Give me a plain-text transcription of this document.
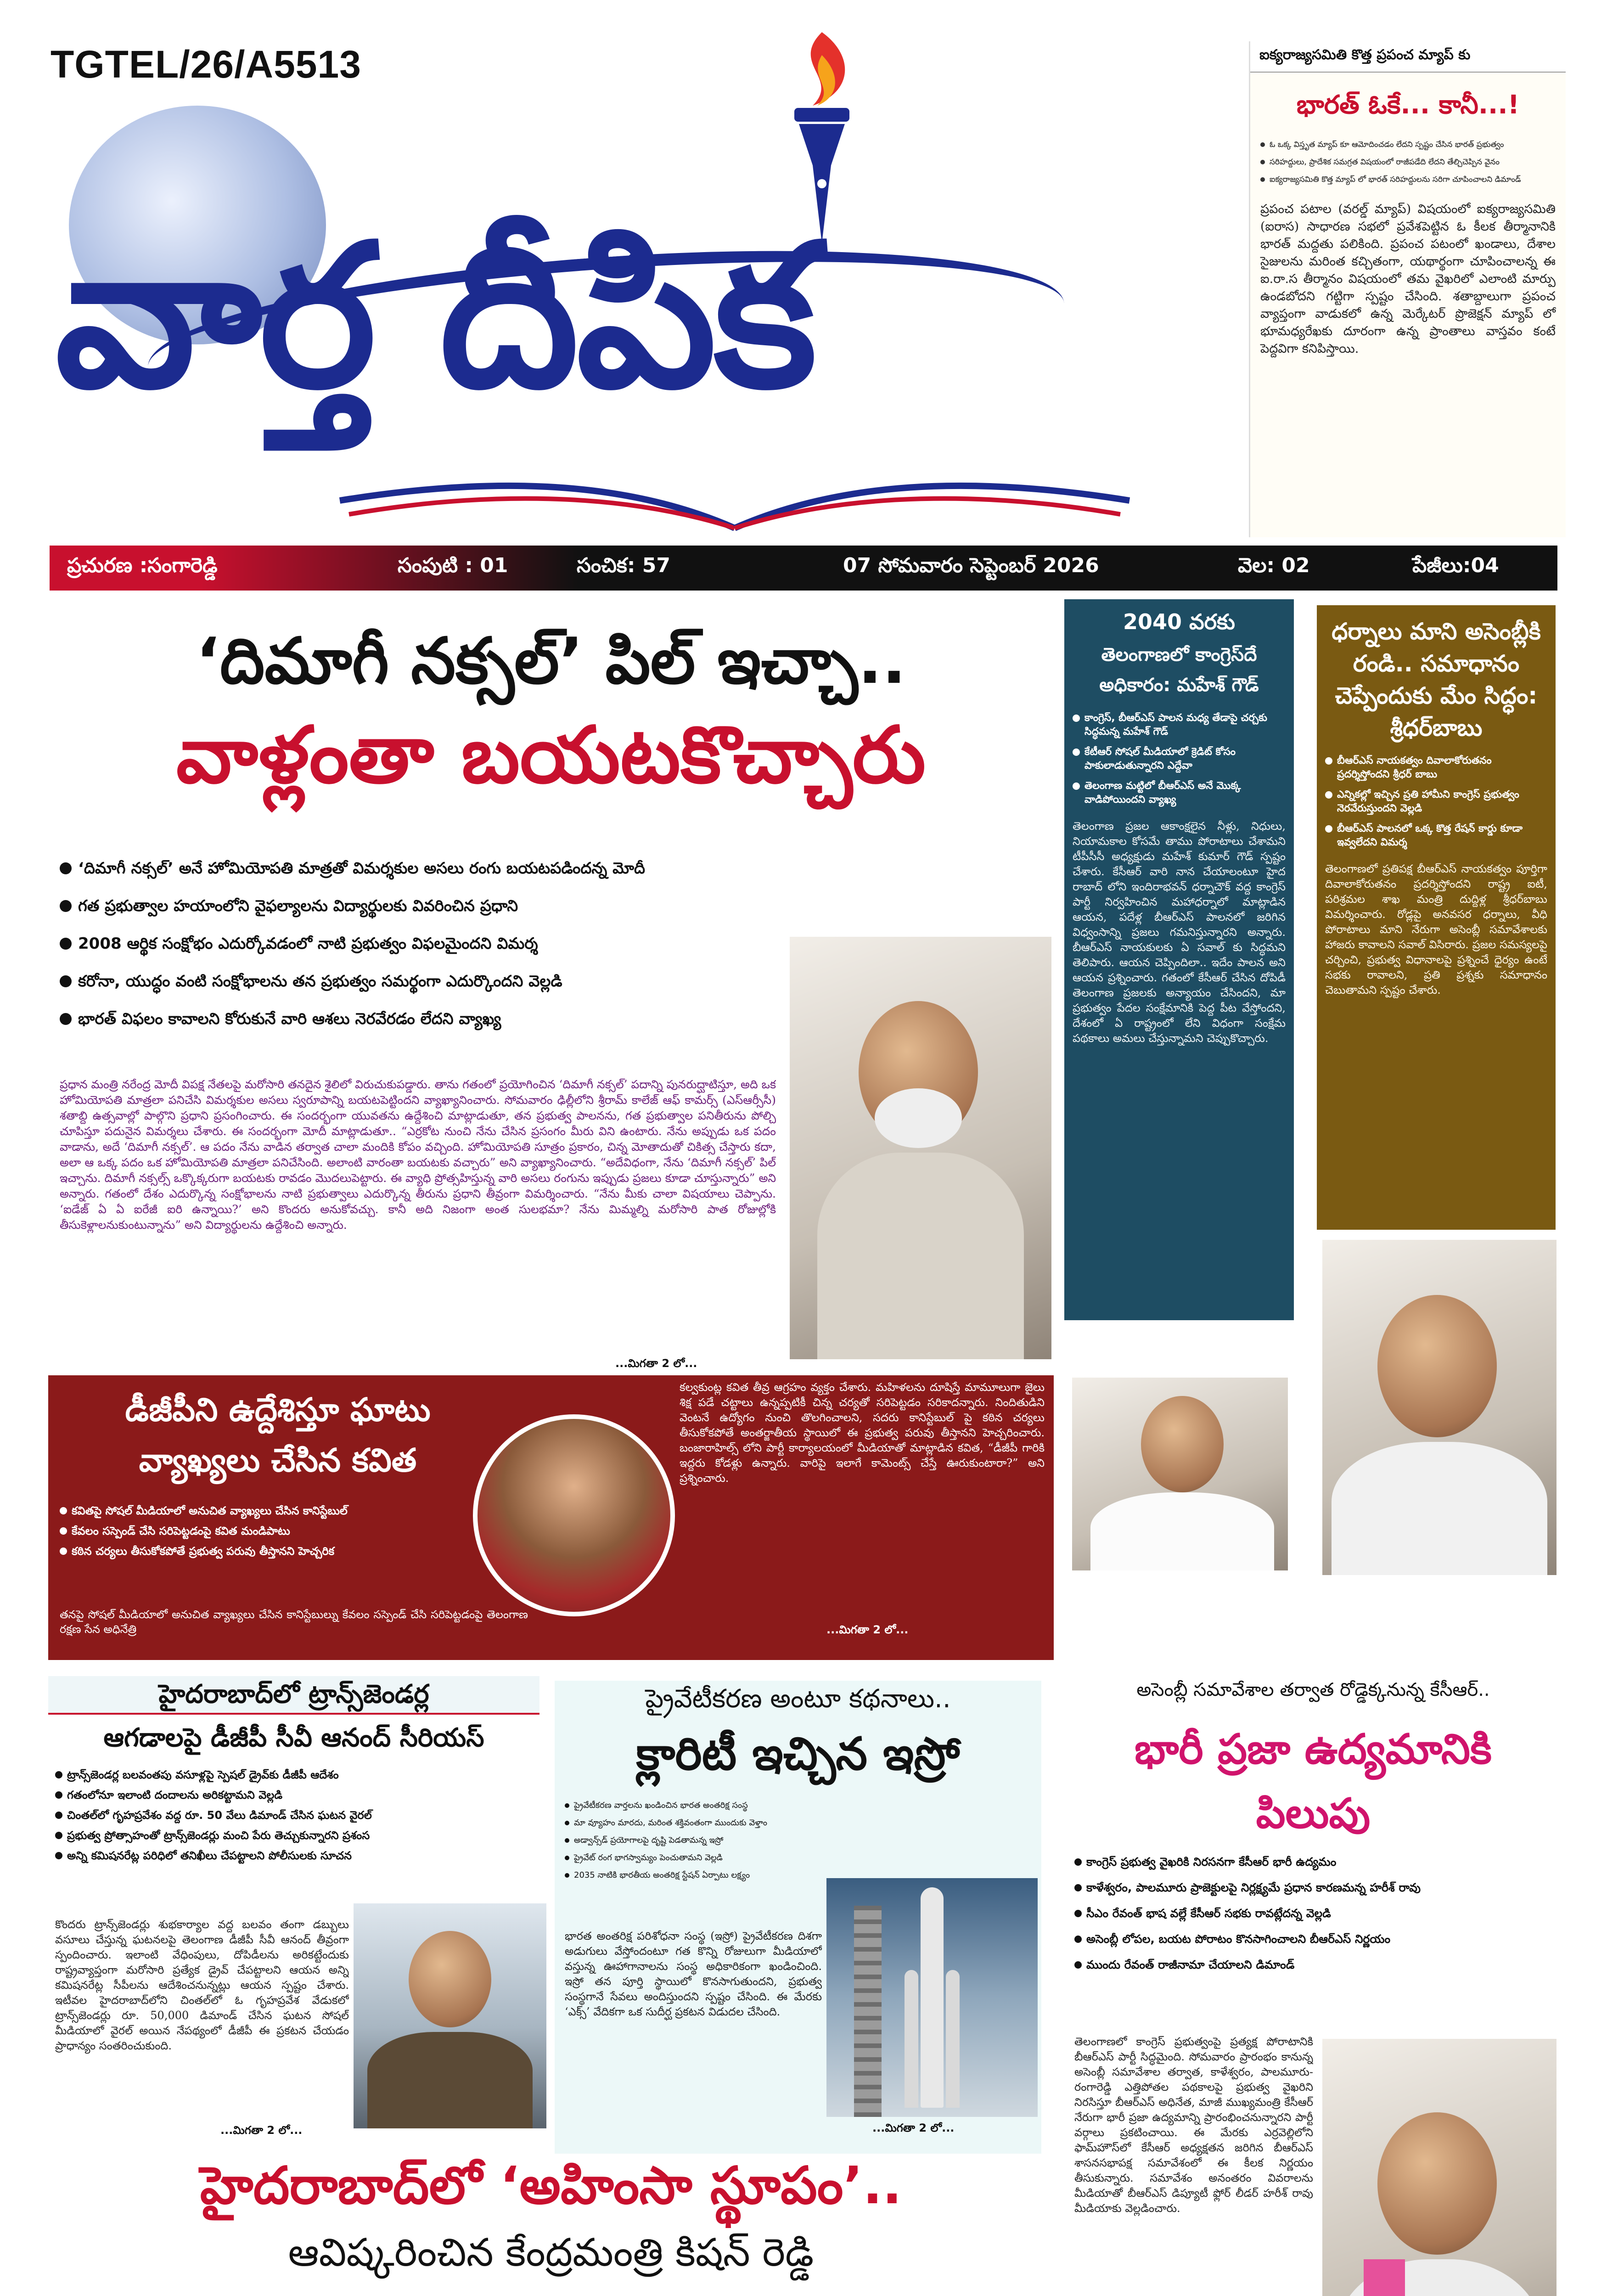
TGTEL/26/A5513
వార్త దీపిక
ఐక్యరాజ్యసమితి కొత్త ప్రపంచ మ్యాప్ కు
భారత్ ఓకే... కానీ...!
ఓ ఒక్క విస్తృత మ్యాప్ కూ ఆమోదించడం లేదని స్పష్టం చేసిన భారత్ ప్రభుత్వం
సరిహద్దులు, ప్రాదేశిక సమగ్రత విషయంలో రాజీపడేది లేదని తేల్చిచెప్పిన వైనం
ఐక్యరాజ్యసమితి కొత్త మ్యాప్ లో భారత్ సరిహద్దులను సరిగా చూపించాలని డిమాండ్
ప్రపంచ పటాల (వరల్డ్ మ్యాప్) విషయంలో ఐక్యరాజ్యసమితి (ఐరాస) సాధారణ సభలో ప్రవేశపెట్టిన ఓ కీలక తీర్మానానికి భారత్ మద్దతు పలికింది. ప్రపంచ పటంలో ఖండాలు, దేశాల సైజులను మరింత కచ్చితంగా, యథార్థంగా చూపించాలన్న ఈ ఐ.రా.స తీర్మానం విషయంలో తమ వైఖరిలో ఎలాంటి మార్పు ఉండబోదని గట్టిగా స్పష్టం చేసింది. శతాబ్దాలుగా ప్రపంచ వ్యాప్తంగా వాడుకలో ఉన్న మెర్కేటర్ ప్రొజెక్షన్ మ్యాప్ లో భూమధ్యరేఖకు దూరంగా ఉన్న ప్రాంతాలు వాస్తవం కంటే పెద్దవిగా కనిపిస్తాయి.
ప్రచురణ :సంగారెడ్డి	సంపుటి : 01	సంచిక: 57	07 సోమవారం సెప్టెంబర్ 2026	వెల: 02	పేజీలు:04
‘దిమాగీ నక్సల్’ పిల్ ఇచ్చా..
వాళ్లంతా బయటకొచ్చారు
‘దిమాగీ నక్సల్’ అనే హోమియోపతి మాత్రతో విమర్శకుల అసలు రంగు బయటపడిందన్న మోదీ
గత ప్రభుత్వాల హయాంలోని వైఫల్యాలను విద్యార్థులకు వివరించిన ప్రధాని
2008 ఆర్థిక సంక్షోభం ఎదుర్కోవడంలో నాటి ప్రభుత్వం విఫలమైందని విమర్శ
కరోనా, యుద్ధం వంటి సంక్షోభాలను తన ప్రభుత్వం సమర్థంగా ఎదుర్కొందని వెల్లడి
భారత్ విఫలం కావాలని కోరుకునే వారి ఆశలు నెరవేరడం లేదని వ్యాఖ్య
ప్రధాన మంత్రి నరేంద్ర మోదీ విపక్ష నేతలపై మరోసారి తనదైన శైలిలో విరుచుకుపడ్డారు. తాను గతంలో ప్రయోగించిన ‘దిమాగీ నక్సల్’ పదాన్ని పునరుద్ఘాటిస్తూ, అది ఒక హోమియోపతి మాత్రలా పనిచేసి విమర్శకుల అసలు స్వరూపాన్ని బయటపెట్టిందని వ్యాఖ్యానించారు. సోమవారం ఢిల్లీలోని శ్రీరామ్ కాలేజ్ ఆఫ్ కామర్స్ (ఎస్ఆర్సీసీ) శతాబ్ది ఉత్సవాల్లో పాల్గొని ప్రధాని ప్రసంగించారు. ఈ సందర్భంగా యువతను ఉద్దేశించి మాట్లాడుతూ, తన ప్రభుత్వ పాలనను, గత ప్రభుత్వాల పనితీరును పోల్చి చూపిస్తూ పదునైన విమర్శలు చేశారు. ఈ సందర్భంగా మోదీ మాట్లాడుతూ.. “ఎర్రకోట నుంచి నేను చేసిన ప్రసంగం మీరు విని ఉంటారు. నేను అప్పుడు ఒక పదం వాడాను, అదే ‘దిమాగీ నక్సల్’. ఆ పదం నేను వాడిన తర్వాత చాలా మందికి కోపం వచ్చింది. హోమియోపతి సూత్రం ప్రకారం, చిన్న మోతాదుతో చికిత్స చేస్తారు కదా, అలా ఆ ఒక్క పదం ఒక హోమియోపతి మాత్రలా పనిచేసింది. అలాంటి వారంతా బయటకు వచ్చారు” అని వ్యాఖ్యానించారు. “అదేవిధంగా, నేను ‘దిమాగీ నక్సల్’ పిల్ ఇచ్చాను. దిమాగీ నక్సల్స్ ఒక్కొక్కరుగా బయటకు రావడం మొదలుపెట్టారు. ఈ వ్యాధి ప్రోత్సహిస్తున్న వారి అసలు రంగును ఇప్పుడు ప్రజలు కూడా చూస్తున్నారు” అని అన్నారు. గతంలో దేశం ఎదుర్కొన్న సంక్షోభాలను నాటి ప్రభుత్వాలు ఎదుర్కొన్న తీరును ప్రధాని తీవ్రంగా విమర్శించారు. “నేను మీకు చాలా విషయాలు చెప్పాను. ‘ఐడేజ్ ఏ ఏ ఐరేజీ ఐరి ఉన్నాయి?’ అని కొందరు అనుకోవచ్చు. కానీ అది నిజంగా అంత సులభమా? నేను మిమ్మల్ని మరోసారి పాత రోజుల్లోకి తీసుకెళ్లాలనుకుంటున్నాను” అని విద్యార్థులను ఉద్దేశించి అన్నారు.
...మిగతా 2 లో...
2040 వరకు
తెలంగాణలో కాంగ్రెస్‌దే
అధికారం: మహేశ్ గౌడ్
కాంగ్రెస్, బీఆర్ఎస్ పాలన మధ్య తేడాపై చర్చకు సిద్ధమన్న మహేశ్ గౌడ్
కేటీఆర్ సోషల్ మీడియాలో క్రెడిట్ కోసం పాకులాడుతున్నారని ఎద్దేవా
తెలంగాణ మట్టిలో బీఆర్ఎస్ అనే మొక్క వాడిపోయిందని వ్యాఖ్య
తెలంగాణ ప్రజల ఆకాంక్షలైన నీళ్లు, నిధులు, నియామకాల కోసమే తాము పోరాటాలు చేశామని టీపీసీసీ అధ్యక్షుడు మహేశ్ కుమార్ గౌడ్ స్పష్టం చేశారు. కేసీఆర్ వారి నాన చేయాలంటూ హైద రాబాద్ లోని ఇందిరాభవన్ ధర్నాచౌక్ వద్ద కాంగ్రెస్ పార్టీ నిర్వహించిన మహాధర్నాలో మాట్లాడిన ఆయన, పదేళ్ల బీఆర్ఎస్ పాలనలో జరిగిన విధ్వంసాన్ని ప్రజలు గమనిస్తున్నారని అన్నారు. బీఆర్ఎస్ నాయకులకు ఏ సవాల్ కు సిద్ధమని తెలిపారు. ఆయన చెప్పిందిలా.. ఇదేం పాలన అని ఆయన ప్రశ్నించారు. గతంలో కేసీఆర్ చేసిన దోపిడీ తెలంగాణ ప్రజలకు అన్యాయం చేసిందని, మా ప్రభుత్వం పేదల సంక్షేమానికి పెద్ద పీట వేస్తోందని, దేశంలో ఏ రాష్ట్రంలో లేని విధంగా సంక్షేమ పథకాలు అమలు చేస్తున్నామని చెప్పుకొచ్చారు.
ధర్నాలు మాని అసెంబ్లీకి రండి.. సమాధానం చెప్పేందుకు మేం సిద్ధం: శ్రీధర్‌బాబు
బీఆర్ఎస్ నాయకత్వం దివాలాకోరుతనం ప్రదర్శిస్తోందని శ్రీధర్ బాబు
ఎన్నికల్లో ఇచ్చిన ప్రతి హామీని కాంగ్రెస్ ప్రభుత్వం నెరవేరుస్తుందని వెల్లడి
బీఆర్ఎస్ పాలనలో ఒక్క కొత్త రేషన్ కార్డు కూడా ఇవ్వలేదని విమర్శ
తెలంగాణలో ప్రతిపక్ష బీఆర్ఎస్ నాయకత్వం పూర్తిగా దివాలాకోరుతనం ప్రదర్శిస్తోందని రాష్ట్ర ఐటీ, పరిశ్రమల శాఖ మంత్రి దుద్దిళ్ల శ్రీధర్‌బాబు విమర్శించారు. రోడ్లపై అనవసర ధర్నాలు, వీధి పోరాటాలు మాని నేరుగా అసెంబ్లీ సమావేశాలకు హాజరు కావాలని సవాల్ విసిరారు. ప్రజల సమస్యలపై చర్చించి, ప్రభుత్వ విధానాలపై ప్రశ్నించే ధైర్యం ఉంటే సభకు రావాలని, ప్రతి ప్రశ్నకు సమాధానం చెబుతామని స్పష్టం చేశారు.
డీజీపీని ఉద్దేశిస్తూ ఘాటు వ్యాఖ్యలు చేసిన కవిత
కవితపై సోషల్ మీడియాలో అనుచిత వ్యాఖ్యలు చేసిన కానిస్టేబుల్
కేవలం సస్పెండ్ చేసి సరిపెట్టడంపై కవిత మండిపాటు
కఠిన చర్యలు తీసుకోకపోతే ప్రభుత్వ పరువు తీస్తానని హెచ్చరిక
తనపై సోషల్ మీడియాలో అనుచిత వ్యాఖ్యలు చేసిన కానిస్టేబుల్ను కేవలం సస్పెండ్ చేసి సరిపెట్టడంపై తెలంగాణ రక్షణ సేన అధినేత్రి
కల్వకుంట్ల కవిత తీవ్ర ఆగ్రహం వ్యక్తం చేశారు. మహిళలను దూషిస్తే మామూలుగా జైలు శిక్ష పడే చట్టాలు ఉన్నప్పటికీ చిన్న చర్యతో సరిపెట్టడం సరికాదన్నారు. నిందితుడిని వెంటనే ఉద్యోగం నుంచి తొలగించాలని, సదరు కానిస్టేబుల్ పై కఠిన చర్యలు తీసుకోకపోతే అంతర్జాతీయ స్థాయిలో ఈ ప్రభుత్వ పరువు తీస్తానని హెచ్చరించారు. బంజారాహిల్స్ లోని పార్టీ కార్యాలయంలో మీడియాతో మాట్లాడిన కవిత, “డీజీపీ గారికి ఇద్దరు కోడళ్లు ఉన్నారు. వారిపై ఇలాగే కామెంట్స్ చేస్తే ఊరుకుంటారా?” అని ప్రశ్నించారు.
...మిగతా 2 లో...
హైదరాబాద్‌లో ట్రాన్స్‌జెండర్ల
ఆగడాలపై డీజీపీ సీవీ ఆనంద్ సీరియస్
ట్రాన్స్‌జెండర్ల బలవంతపు వసూళ్లపై స్పెషల్ డ్రైవ్‌కు డీజీపీ ఆదేశం
గతంలోనూ ఇలాంటి దందాలను అరికట్టామని వెల్లడి
చింతల్‌లో గృహప్రవేశం వద్ద రూ. 50 వేలు డిమాండ్ చేసిన ఘటన వైరల్
ప్రభుత్వ ప్రోత్సాహంతో ట్రాన్స్‌జెండర్లు మంచి పేరు తెచ్చుకున్నారని ప్రశంస
అన్ని కమిషనరేట్ల పరిధిలో తనిఖీలు చేపట్టాలని పోలీసులకు సూచన
కొందరు ట్రాన్స్‌జెండర్లు శుభకార్యాల వద్ద బలవం తంగా డబ్బులు వసూలు చేస్తున్న ఘటనలపై తెలంగాణ డీజీపీ సీవీ ఆనంద్ తీవ్రంగా స్పందించారు. ఇలాంటి వేధింపులు, దోపిడీలను అరికట్టేందుకు రాష్ట్రవ్యాప్తంగా మరోసారి ప్రత్యేక డ్రైవ్ చేపట్టాలని ఆయన అన్ని కమిషనరేట్ల సీపీలను ఆదేశించనున్నట్లు ఆయన స్పష్టం చేశారు. ఇటీవల హైదరాబాద్‌లోని చింతల్‌లో ఓ గృహప్రవేశ వేడుకలో ట్రాన్స్‌జెండర్లు రూ. 50,000 డిమాండ్ చేసిన ఘటన సోషల్ మీడియాలో వైరల్ అయిన నేపథ్యంలో డీజీపీ ఈ ప్రకటన చేయడం ప్రాధాన్యం సంతరించుకుంది.
...మిగతా 2 లో...
ప్రైవేటీకరణ అంటూ కథనాలు..
క్లారిటీ ఇచ్చిన ఇస్రో
ప్రైవేటీకరణ వార్తలను ఖండించిన భారత అంతరిక్ష సంస్థ
మా వ్యూహం మారదు, మరింత శక్తివంతంగా ముందుకు వెళ్తాం
అడ్వాన్స్‌డ్ ప్రయోగాలపై దృష్టి పెడతామన్న ఇస్రో
ప్రైవేట్ రంగ భాగస్వామ్యం పెంచుతామని వెల్లడి
2035 నాటికి భారతీయ అంతరిక్ష స్టేషన్ ఏర్పాటు లక్ష్యం
భారత అంతరిక్ష పరిశోధనా సంస్థ (ఇస్రో) ప్రైవేటీకరణ దిశగా అడుగులు వేస్తోందంటూ గత కొన్ని రోజులుగా మీడియాలో వస్తున్న ఊహాగానాలను సంస్థ అధికారికంగా ఖండించింది. ఇస్రో తన పూర్తి స్థాయిలో కొనసాగుతుందని, ప్రభుత్వ సంస్థగానే సేవలు అందిస్తుందని స్పష్టం చేసింది. ఈ మేరకు ‘ఎక్స్’ వేదికగా ఒక సుదీర్ఘ ప్రకటన విడుదల చేసింది.
...మిగతా 2 లో...
అసెంబ్లీ సమావేశాల తర్వాత రోడ్డెక్కనున్న కేసీఆర్..
భారీ ప్రజా ఉద్యమానికి
పిలుపు
కాంగ్రెస్ ప్రభుత్వ వైఖరికి నిరసనగా కేసీఆర్ భారీ ఉద్యమం
కాళేశ్వరం, పాలమూరు ప్రాజెక్టులపై నిర్లక్ష్యమే ప్రధాన కారణమన్న హరీశ్ రావు
సీఎం రేవంత్ భాష వల్లే కేసీఆర్ సభకు రావట్లేదన్న వెల్లడి
అసెంబ్లీ లోపల, బయట పోరాటం కొనసాగించాలని బీఆర్ఎస్ నిర్ణయం
ముందు రేవంత్ రాజీనామా చేయాలని డిమాండ్
తెలంగాణలో కాంగ్రెస్ ప్రభుత్వంపై ప్రత్యక్ష పోరాటానికి బీఆర్ఎస్ పార్టీ సిద్ధమైంది. సోమవారం ప్రారంభం కానున్న అసెంబ్లీ సమావేశాల తర్వాత, కాళేశ్వరం, పాలమూరు-రంగారెడ్డి ఎత్తిపోతల పథకాలపై ప్రభుత్వ వైఖరిని నిరసిస్తూ బీఆర్ఎస్ అధినేత, మాజీ ముఖ్యమంత్రి కేసీఆర్ నేరుగా భారీ ప్రజా ఉద్యమాన్ని ప్రారంభించనున్నారని పార్టీ వర్గాలు ప్రకటించాయి. ఈ మేరకు ఎర్రవెల్లిలోని ఫామ్‌హౌస్‌లో కేసీఆర్ అధ్యక్షతన జరిగిన బీఆర్ఎస్ శాసనసభాపక్ష సమావేశంలో ఈ కీలక నిర్ణయం తీసుకున్నారు. సమావేశం అనంతరం వివరాలను మీడియాతో బీఆర్ఎస్ డిప్యూటీ ఫ్లోర్ లీడర్ హరీశ్ రావు మీడియాకు వెల్లడించారు.
హైదరాబాద్‌లో ‘అహింసా స్థూపం’..
ఆవిష్కరించిన కేంద్రమంత్రి కిషన్ రెడ్డి
